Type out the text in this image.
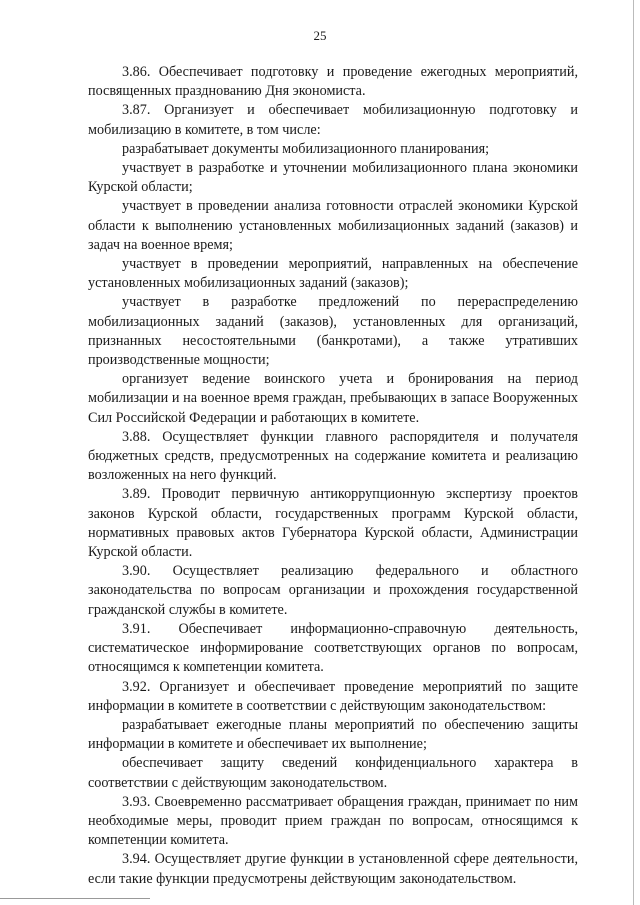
25

3.86. Обеспечивает подготовку и проведение ежегодных мероприятий, посвященных празднованию Дня экономиста.

3.87. Организует и обеспечивает мобилизационную подготовку и мобилизацию в комитете, в том числе:

разрабатывает документы мобилизационного планирования;

участвует в разработке и уточнении мобилизационного плана экономики Курской области;

участвует в проведении анализа готовности отраслей экономики Курской области к выполнению установленных мобилизационных заданий (заказов) и задач на военное время;

участвует в проведении мероприятий, направленных на обеспечение установленных мобилизационных заданий (заказов);

участвует в разработке предложений по перераспределению мобилизационных заданий (заказов), установленных для организаций, признанных несостоятельными (банкротами), а также утративших производственные мощности;

организует ведение воинского учета и бронирования на период мобилизации и на военное время граждан, пребывающих в запасе Вооруженных Сил Российской Федерации и работающих в комитете.

3.88. Осуществляет функции главного распорядителя и получателя бюджетных средств, предусмотренных на содержание комитета и реализацию возложенных на него функций.

3.89. Проводит первичную антикоррупционную экспертизу проектов законов Курской области, государственных программ Курской области, нормативных правовых актов Губернатора Курской области, Администрации Курской области.

3.90. Осуществляет реализацию федерального и областного законодательства по вопросам организации и прохождения государственной гражданской службы в комитете.

3.91. Обеспечивает информационно-справочную деятельность, систематическое информирование соответствующих органов по вопросам, относящимся к компетенции комитета.

3.92. Организует и обеспечивает проведение мероприятий по защите информации в комитете в соответствии с действующим законодательством:

разрабатывает ежегодные планы мероприятий по обеспечению защиты информации в комитете и обеспечивает их выполнение;

обеспечивает защиту сведений конфиденциального характера в соответствии с действующим законодательством.

3.93. Своевременно рассматривает обращения граждан, принимает по ним необходимые меры, проводит прием граждан по вопросам, относящимся к компетенции комитета.

3.94. Осуществляет другие функции в установленной сфере деятельности, если такие функции предусмотрены действующим законодательством.
